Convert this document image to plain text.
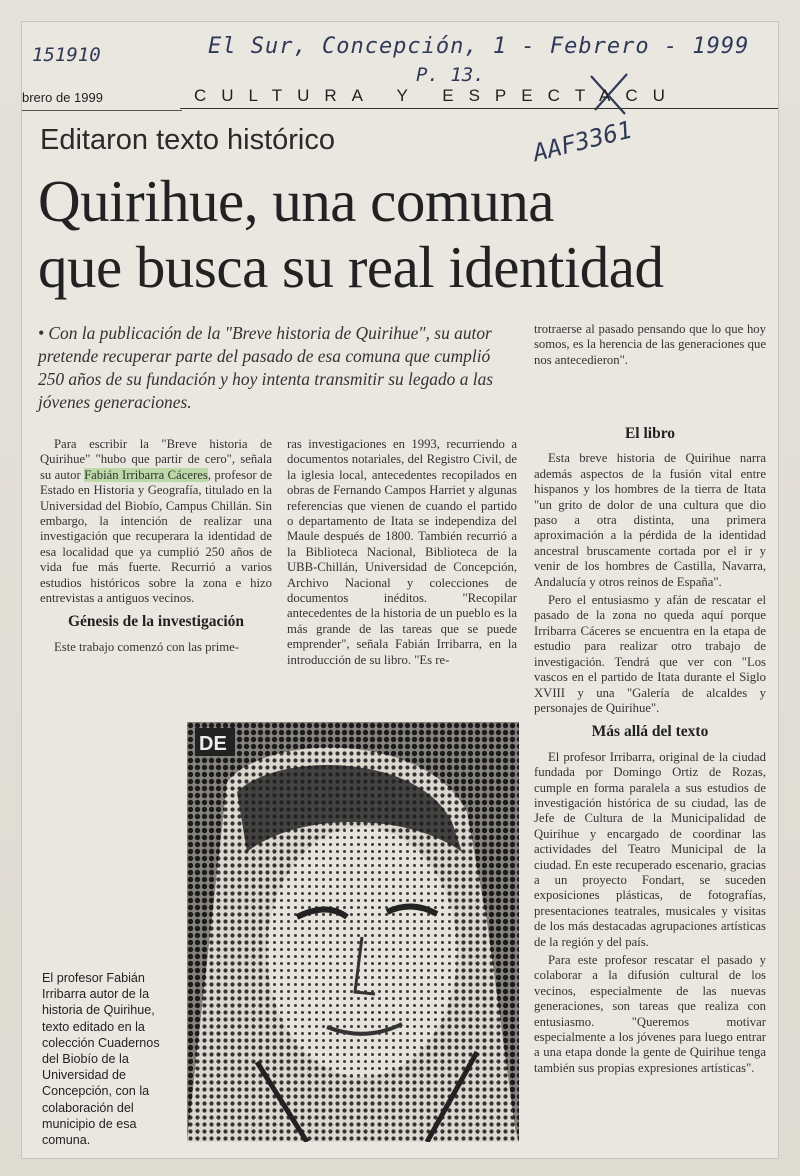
151910	El Sur, Concepción, 1 - Febrero - 1999
P. 13.
AAF3361
brero de 1999	CULTURA Y ESPECTACU
Editaron texto histórico
Quirihue, una comuna
que busca su real identidad
• Con la publicación de la "Breve historia de Quirihue", su autor pretende recuperar parte del pasado de esa comuna que cumplió 250 años de su fundación y hoy intenta transmitir su legado a las jóvenes generaciones.

Para escribir la "Breve historia de Quirihue" "hubo que partir de cero", señala su autor Fabián Irribarra Cáceres, profesor de Estado en Historia y Geografía, titulado en la Universidad del Biobío, Campus Chillán. Sin embargo, la intención de realizar una investigación que recuperara la identidad de esa localidad que ya cumplió 250 años de vida fue más fuerte. Recurrió a varios estudios históricos sobre la zona e hizo entrevistas a antiguos vecinos.

Génesis de la investigación

Este trabajo comenzó con las prime-

ras investigaciones en 1993, recurriendo a documentos notariales, del Registro Civil, de la iglesia local, antecedentes recopilados en obras de Fernando Campos Harriet y algunas referencias que vienen de cuando el partido o departamento de Itata se independiza del Maule después de 1800. También recurrió a la Biblioteca Nacional, Biblioteca de la UBB-Chillán, Universidad de Concepción, Archivo Nacional y colecciones de documentos inéditos. "Recopilar antecedentes de la historia de un pueblo es la más grande de las tareas que se puede emprender", señala Fabián Irribarra, en la introducción de su libro. "Es re-

trotraerse al pasado pensando que lo que hoy somos, es la herencia de las generaciones que nos antecedieron".

El libro

Esta breve historia de Quirihue narra además aspectos de la fusión vital entre hispanos y los hombres de la tierra de Itata "un grito de dolor de una cultura que dio paso a otra distinta, una primera aproximación a la pérdida de la identidad ancestral bruscamente cortada por el ir y venir de los hombres de Castilla, Navarra, Andalucía y otros reinos de España".

Pero el entusiasmo y afán de rescatar el pasado de la zona no queda aquí porque Irribarra Cáceres se encuentra en la etapa de estudio para realizar otro trabajo de investigación. Tendrá que ver con "Los vascos en el partido de Itata durante el Siglo XVIII y una "Galería de alcaldes y personajes de Quirihue".

Más allá del texto

El profesor Irribarra, original de la ciudad fundada por Domingo Ortiz de Rozas, cumple en forma paralela a sus estudios de investigación histórica de su ciudad, las de Jefe de Cultura de la Municipalidad de Quirihue y encargado de coordinar las actividades del Teatro Municipal de la ciudad. En este recuperado escenario, gracias a un proyecto Fondart, se suceden exposiciones plásticas, de fotografías, presentaciones teatrales, musicales y visitas de los más destacadas agrupaciones artísticas de la región y del país.

Para este profesor rescatar el pasado y colaborar a la difusión cultural de los vecinos, especialmente de las nuevas generaciones, son tareas que realiza con entusiasmo. "Queremos motivar especialmente a los jóvenes para luego entrar a una etapa donde la gente de Quirihue tenga también sus propias expresiones artísticas".

DE
El profesor Fabián Irribarra autor de la historia de Quirihue, texto editado en la colección Cuadernos del Biobío de la Universidad de Concepción, con la colaboración del municipio de esa comuna.
